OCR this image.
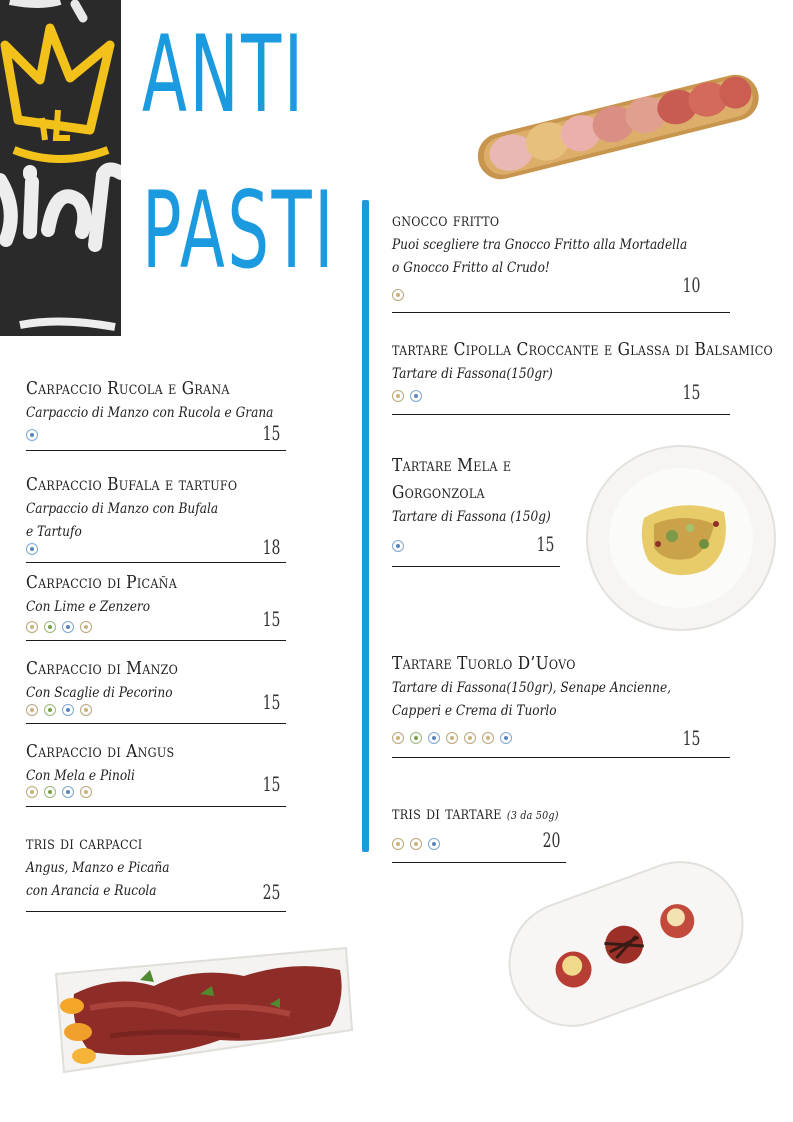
ANTI
PASTI
Carpaccio Rucola e Grana
Carpaccio di Manzo con Rucola e Grana
15
Carpaccio Bufala e tartufo
Carpaccio di Manzo con Bufala
e Tartufo
18
Carpaccio di Picaña
Con Lime e Zenzero	15
Carpaccio di Manzo
Con Scaglie di Pecorino	15
Carpaccio di Angus
Con Mela e Pinoli	15
tris di carpacci
Angus, Manzo e Picaña
con Arancia e Rucola	25
gnocco fritto
Puoi scegliere tra Gnocco Fritto alla Mortadella
o Gnocco Fritto al Crudo!
10
tartare Cipolla Croccante e Glassa di Balsamico
Tartare di Fassona(150gr)
15
Tartare Mela e
Gorgonzola
Tartare di Fassona (150g)
15
Tartare Tuorlo D’Uovo
Tartare di Fassona(150gr), Senape Ancienne,
Capperi e Crema di Tuorlo
15
tris di tartare (3 da 50g)
20
